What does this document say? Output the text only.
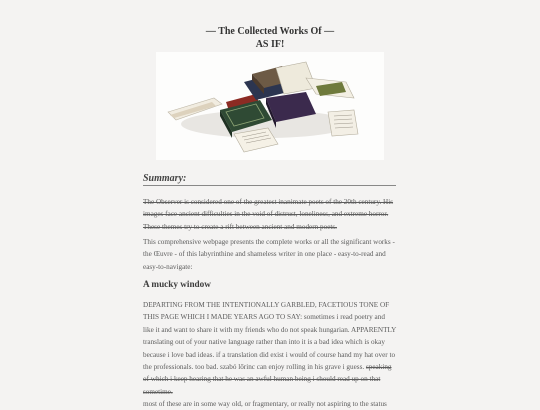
— The Collected Works Of —
AS IF!
Summary:
The Observer is considered one of the greatest inanimate poets of the 20th century. His images face ancient difficulties in the void of distrust, loneliness, and extreme horror. These themes try to create a rift between ancient and modern poets.
This comprehensive webpage presents the complete works or all the significant works - the Œuvre - of this labyrinthine and shameless writer in one place - easy-to-read and easy-to-navigate:
A mucky window
DEPARTING FROM THE INTENTIONALLY GARBLED, FACETIOUS TONE OF THIS PAGE WHICH I MADE YEARS AGO TO SAY: sometimes i read poetry and like it and want to share it with my friends who do not speak hungarian. APPARENTLY translating out of your native language rather than into it is a bad idea which is okay because i love bad ideas. if a translation did exist i would of course hand my hat over to the professionals. too bad. szabó lőrinc can enjoy rolling in his grave i guess. speaking of which i keep hearing that he was an awful human being i should read up on that sometime.
most of these are in some way old, or fragmentary, or really not aspiring to the status
